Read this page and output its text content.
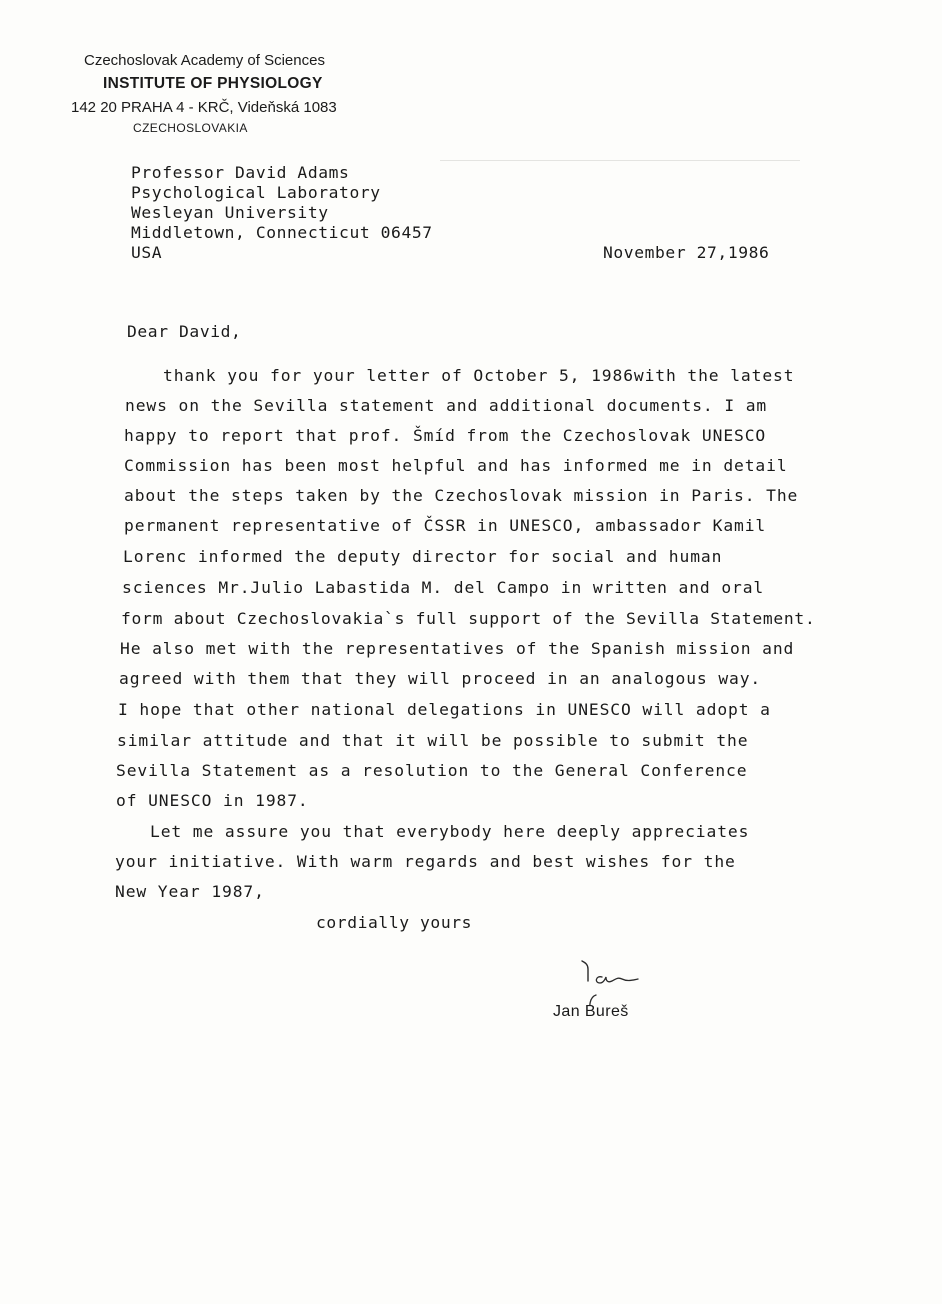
Czechoslovak Academy of Sciences
INSTITUTE OF PHYSIOLOGY
142 20 PRAHA 4 - KRČ, Videňská 1083
CZECHOSLOVAKIA
Professor David Adams
Psychological Laboratory
Wesleyan University
Middletown, Connecticut 06457
USA	November 27,1986
Dear David,
thank you for your letter of October 5, 1986with the latest
news on the Sevilla statement and additional documents. I am
happy to report that prof. Šmíd from the Czechoslovak UNESCO
Commission has been most helpful and has informed me in detail
about the steps taken by the Czechoslovak mission in Paris. The
permanent representative of ČSSR in UNESCO, ambassador Kamil
Lorenc informed the deputy director for social and human
sciences Mr.Julio Labastida M. del Campo in written and oral
form about Czechoslovakia`s full support of the Sevilla Statement.
He also met with the representatives of the Spanish mission and
agreed with them that they will proceed in an analogous way.
I hope that other national delegations in UNESCO will adopt a
similar attitude and that it will be possible to submit the
Sevilla Statement as a resolution to the General Conference
of UNESCO in 1987.
Let me assure you that everybody here deeply appreciates
your initiative. With warm regards and best wishes for the
New Year 1987,
cordially yours
Jan Bureš
